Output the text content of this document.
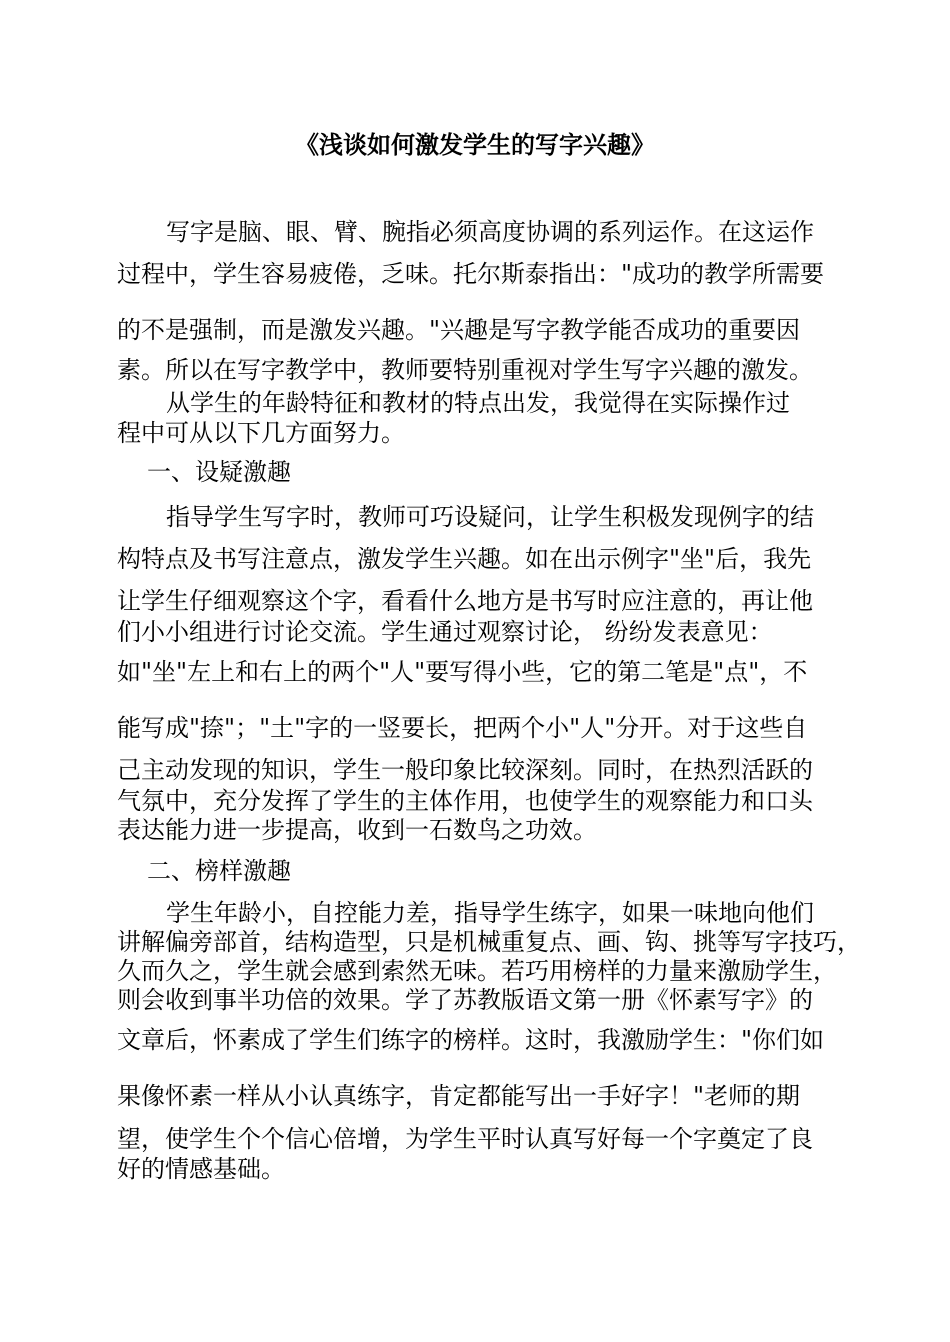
《浅谈如何激发学生的写字兴趣》
写字是脑、眼、臂、腕指必须高度协调的系列运作。在这运作
过程中，学生容易疲倦，乏味。托尔斯泰指出："成功的教学所需要
的不是强制，而是激发兴趣。"兴趣是写字教学能否成功的重要因
素。所以在写字教学中，教师要特别重视对学生写字兴趣的激发。
从学生的年龄特征和教材的特点出发，我觉得在实际操作过
程中可从以下几方面努力。
一、设疑激趣
指导学生写字时，教师可巧设疑问，让学生积极发现例字的结
构特点及书写注意点，激发学生兴趣。如在出示例字"坐"后，我先
让学生仔细观察这个字，看看什么地方是书写时应注意的，再让他
们小小组进行讨论交流。学生通过观察讨论， 纷纷发表意见：
如"坐"左上和右上的两个"人"要写得小些，它的第二笔是"点"，不
能写成"捺"；"土"字的一竖要长，把两个小"人"分开。对于这些自
己主动发现的知识，学生一般印象比较深刻。同时，在热烈活跃的
气氛中，充分发挥了学生的主体作用，也使学生的观察能力和口头
表达能力进一步提高，收到一石数鸟之功效。
二、榜样激趣
学生年龄小，自控能力差，指导学生练字，如果一味地向他们
讲解偏旁部首，结构造型，只是机械重复点、画、钩、挑等写字技巧，
久而久之，学生就会感到索然无味。若巧用榜样的力量来激励学生，
则会收到事半功倍的效果。学了苏教版语文第一册《怀素写字》的
文章后，怀素成了学生们练字的榜样。这时，我激励学生："你们如
果像怀素一样从小认真练字，肯定都能写出一手好字！"老师的期
望，使学生个个信心倍增，为学生平时认真写好每一个字奠定了良
好的情感基础。
